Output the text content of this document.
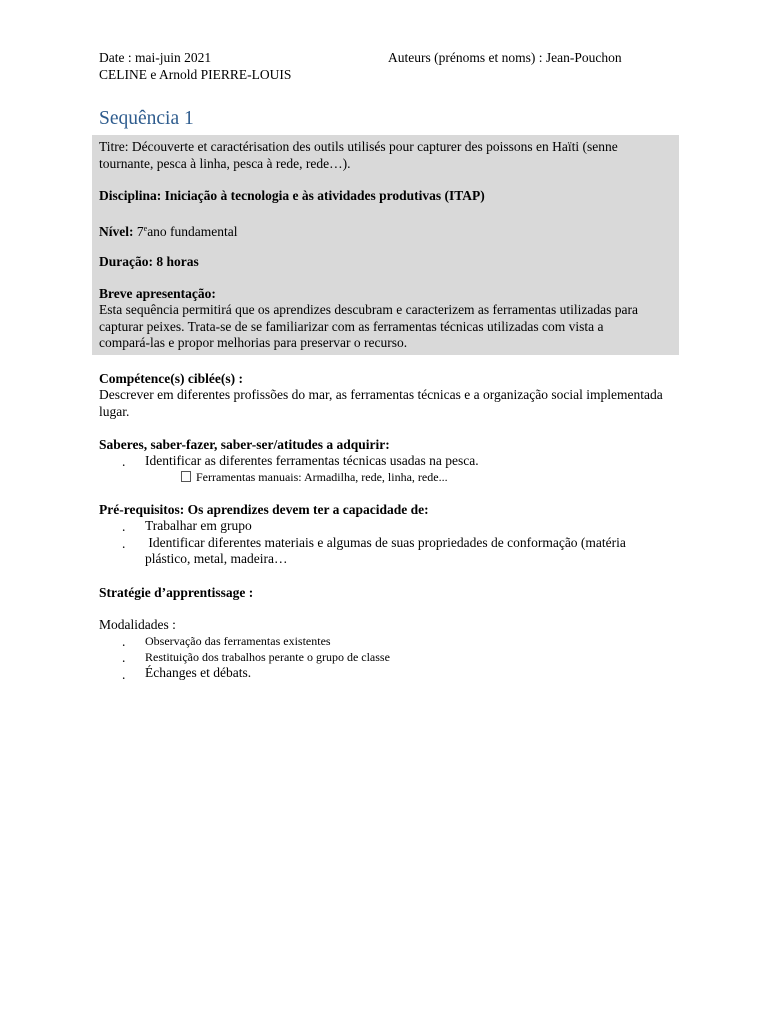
Date : mai-juin 2021	Auteurs (prénoms et noms) : Jean-Pouchon
CELINE e Arnold PIERRE-LOUIS
Sequência 1
Titre: Découverte et caractérisation des outils utilisés pour capturer des poissons en Haïti (senne
tournante, pesca à linha, pesca à rede, rede…).
Disciplina: Iniciação à tecnologia e às atividades produtivas (ITAP)
Nível: 7eano fundamental
Duração: 8 horas
Breve apresentação:
Esta sequência permitirá que os aprendizes descubram e caracterizem as ferramentas utilizadas para
capturar peixes. Trata-se de se familiarizar com as ferramentas técnicas utilizadas com vista a
compará-las e propor melhorias para preservar o recurso.
Compétence(s) ciblée(s) :
Descrever em diferentes profissões do mar, as ferramentas técnicas e a organização social implementada
lugar.
Saberes, saber-fazer, saber-ser/atitudes a adquirir:
. Identificar as diferentes ferramentas técnicas usadas na pesca.
Ferramentas manuais: Armadilha, rede, linha, rede...
Pré-requisitos: Os aprendizes devem ter a capacidade de:
. Trabalhar em grupo
. Identificar diferentes materiais e algumas de suas propriedades de conformação (matéria
plástico, metal, madeira…
Stratégie d’apprentissage :
Modalidades :
. Observação das ferramentas existentes
. Restituição dos trabalhos perante o grupo de classe
. Échanges et débats.
